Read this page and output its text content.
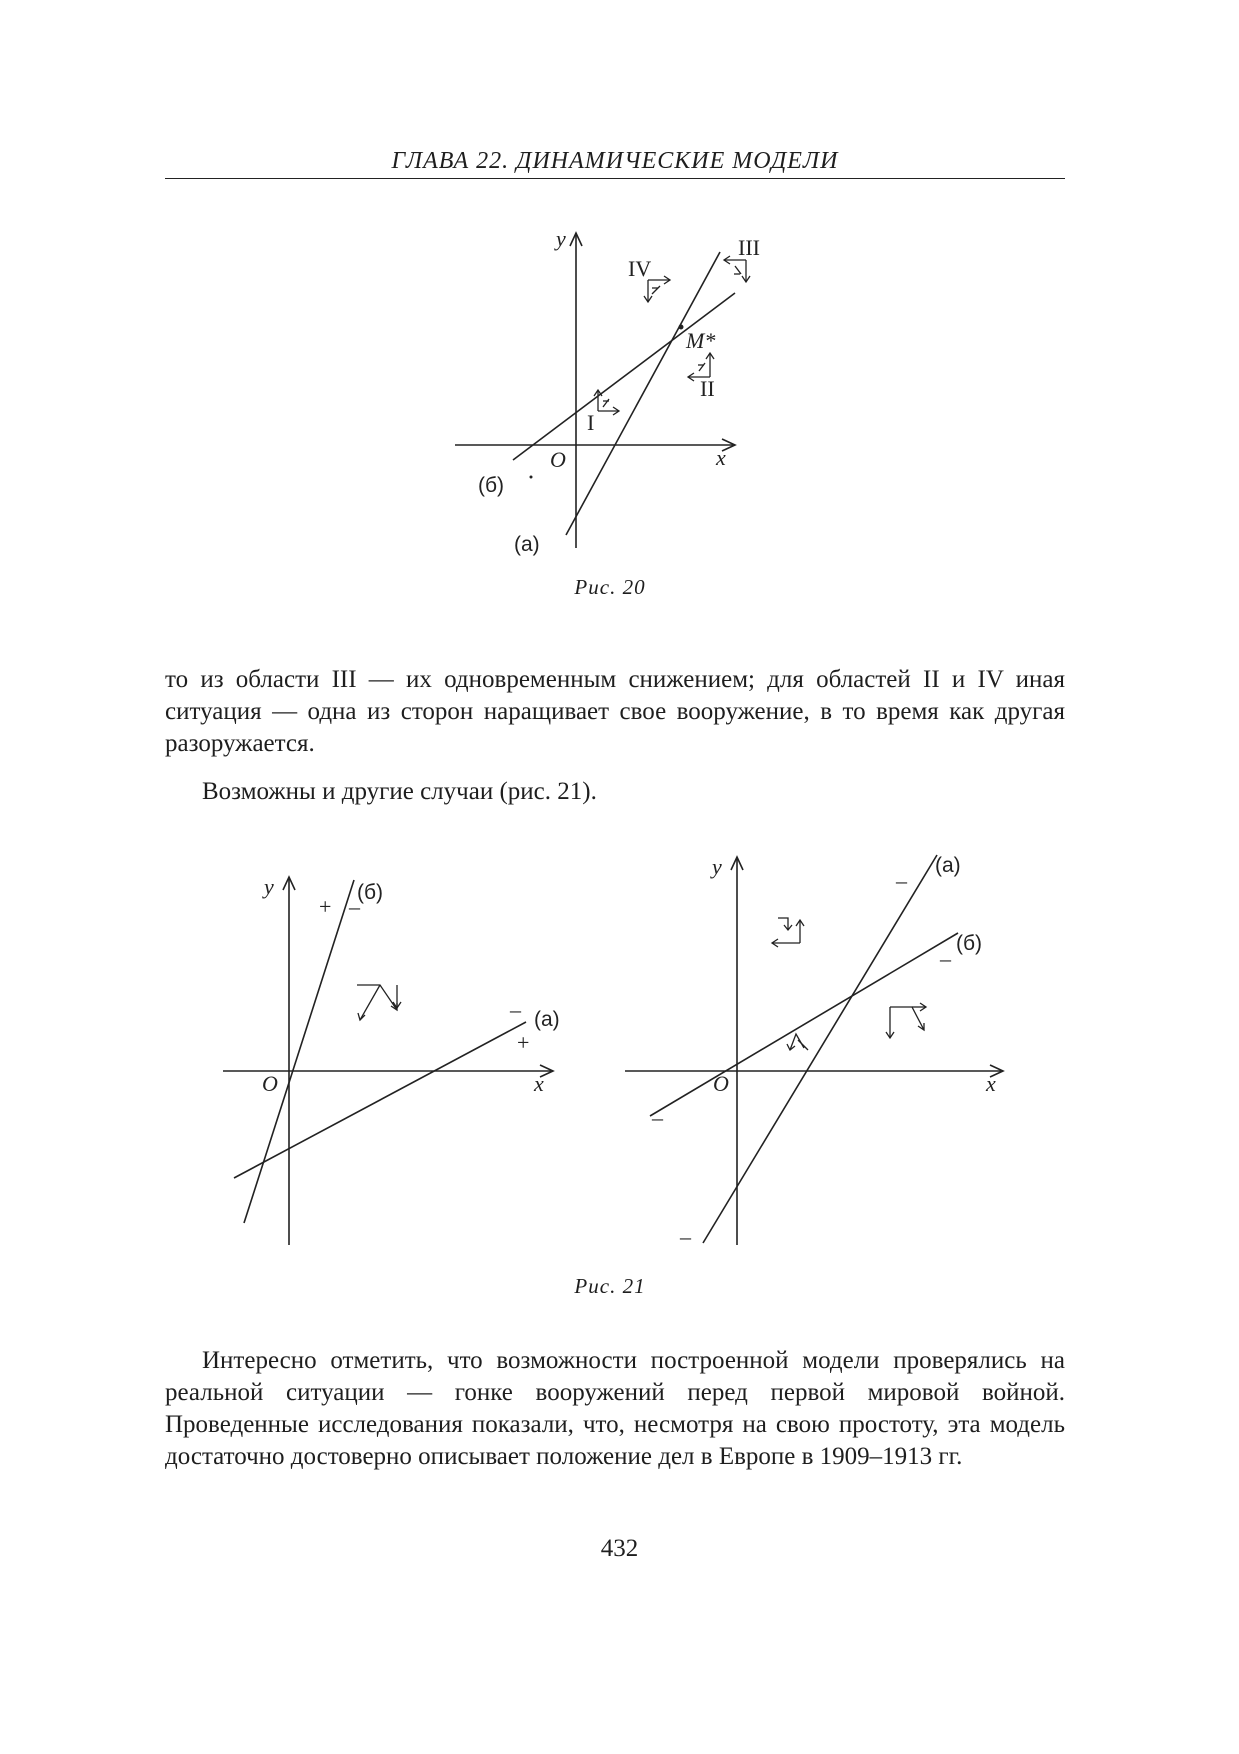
ГЛАВА 22. ДИНАМИЧЕСКИЕ МОДЕЛИ
y
x
O
I
II
III
IV
M*
(б)
(а)
Рис. 20

то из области III — их одновременным снижением; для областей II и IV иная ситуация — одна из сторон наращивает свое вооружение, в то время как другая разоружается.

Возможны и другие случаи (рис. 21).

y
x
O
(б)
+ –
(а)
–
+
y
x
O
(а)
(б)
–
–
–
–
Рис. 21

Интересно отметить, что возможности построенной модели проверялись на реальной ситуации — гонке вооружений перед первой мировой войной. Проведенные исследования показали, что, несмотря на свою простоту, эта модель достаточно достоверно описывает положение дел в Европе в 1909–1913 гг.

432
